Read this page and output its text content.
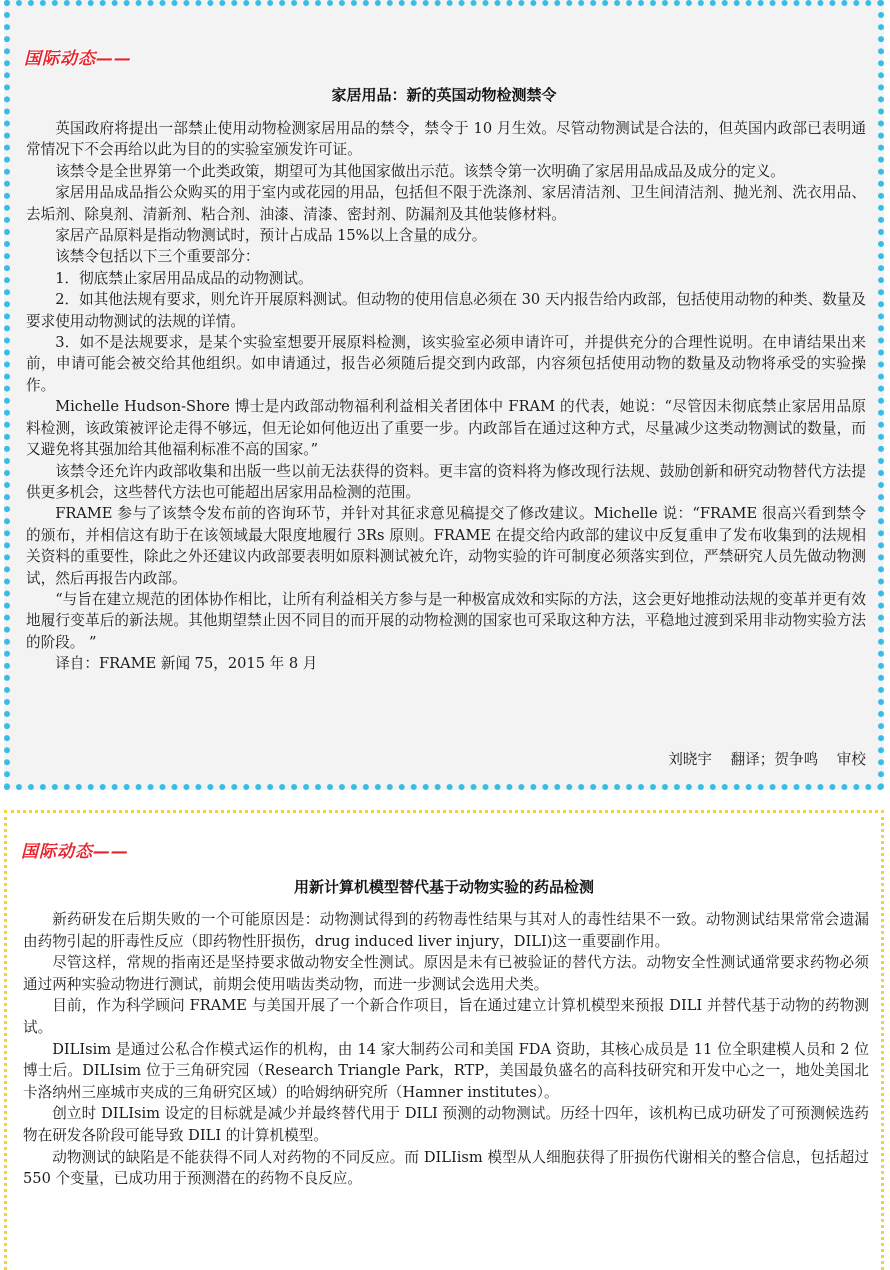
国际动态——
家居用品：新的英国动物检测禁令

英国政府将提出一部禁止使用动物检测家居用品的禁令，禁令于 10 月生效。尽管动物测试是合法的，但英国内政部已表明通常情况下不会再给以此为目的的实验室颁发许可证。

该禁令是全世界第一个此类政策，期望可为其他国家做出示范。该禁令第一次明确了家居用品成品及成分的定义。

家居用品成品指公众购买的用于室内或花园的用品，包括但不限于洗涤剂、家居清洁剂、卫生间清洁剂、抛光剂、洗衣用品、去垢剂、除臭剂、清新剂、粘合剂、油漆、清漆、密封剂、防漏剂及其他装修材料。

家居产品原料是指动物测试时，预计占成品 15%以上含量的成分。

该禁令包括以下三个重要部分：

1．彻底禁止家居用品成品的动物测试。

2．如其他法规有要求，则允许开展原料测试。但动物的使用信息必须在 30 天内报告给内政部，包括使用动物的种类、数量及要求使用动物测试的法规的详情。

3．如不是法规要求，是某个实验室想要开展原料检测，该实验室必须申请许可，并提供充分的合理性说明。在申请结果出来前，申请可能会被交给其他组织。如申请通过，报告必须随后提交到内政部，内容须包括使用动物的数量及动物将承受的实验操作。

Michelle Hudson-Shore 博士是内政部动物福利利益相关者团体中 FRAM 的代表，她说：“尽管因未彻底禁止家居用品原料检测，该政策被评论走得不够远，但无论如何他迈出了重要一步。内政部旨在通过这种方式，尽量减少这类动物测试的数量，而又避免将其强加给其他福利标准不高的国家。”

该禁令还允许内政部收集和出版一些以前无法获得的资料。更丰富的资料将为修改现行法规、鼓励创新和研究动物替代方法提供更多机会，这些替代方法也可能超出居家用品检测的范围。

FRAME 参与了该禁令发布前的咨询环节，并针对其征求意见稿提交了修改建议。Michelle 说：“FRAME 很高兴看到禁令的颁布，并相信这有助于在该领域最大限度地履行 3Rs 原则。FRAME 在提交给内政部的建议中反复重申了发布收集到的法规相关资料的重要性，除此之外还建议内政部要表明如原料测试被允许，动物实验的许可制度必须落实到位，严禁研究人员先做动物测试，然后再报告内政部。

“与旨在建立规范的团体协作相比，让所有利益相关方参与是一种极富成效和实际的方法，这会更好地推动法规的变革并更有效地履行变革后的新法规。其他期望禁止因不同目的而开展的动物检测的国家也可采取这种方法，平稳地过渡到采用非动物实验方法的阶段。 ”

译自：FRAME 新闻 75，2015 年 8 月

刘晓宇 翻译；贺争鸣 审校
国际动态——
用新计算机模型替代基于动物实验的药品检测

新药研发在后期失败的一个可能原因是：动物测试得到的药物毒性结果与其对人的毒性结果不一致。动物测试结果常常会遗漏由药物引起的肝毒性反应（即药物性肝损伤，drug induced liver injury，DILI)这一重要副作用。

尽管这样，常规的指南还是坚持要求做动物安全性测试。原因是未有已被验证的替代方法。动物安全性测试通常要求药物必须通过两种实验动物进行测试，前期会使用啮齿类动物，而进一步测试会选用犬类。

目前，作为科学顾问 FRAME 与美国开展了一个新合作项目，旨在通过建立计算机模型来预报 DILI 并替代基于动物的药物测试。

DILIsim 是通过公私合作模式运作的机构，由 14 家大制药公司和美国 FDA 资助，其核心成员是 11 位全职建模人员和 2 位博士后。DILIsim 位于三角研究园（Research Triangle Park，RTP，美国最负盛名的高科技研究和开发中心之一，地处美国北卡洛纳州三座城市夹成的三角研究区域）的哈姆纳研究所（Hamner institutes）。

创立时 DILIsim 设定的目标就是减少并最终替代用于 DILI 预测的动物测试。历经十四年，该机构已成功研发了可预测候选药物在研发各阶段可能导致 DILI 的计算机模型。

动物测试的缺陷是不能获得不同人对药物的不同反应。而 DILIism 模型从人细胞获得了肝损伤代谢相关的整合信息，包括超过 550 个变量，已成功用于预测潜在的药物不良反应。
